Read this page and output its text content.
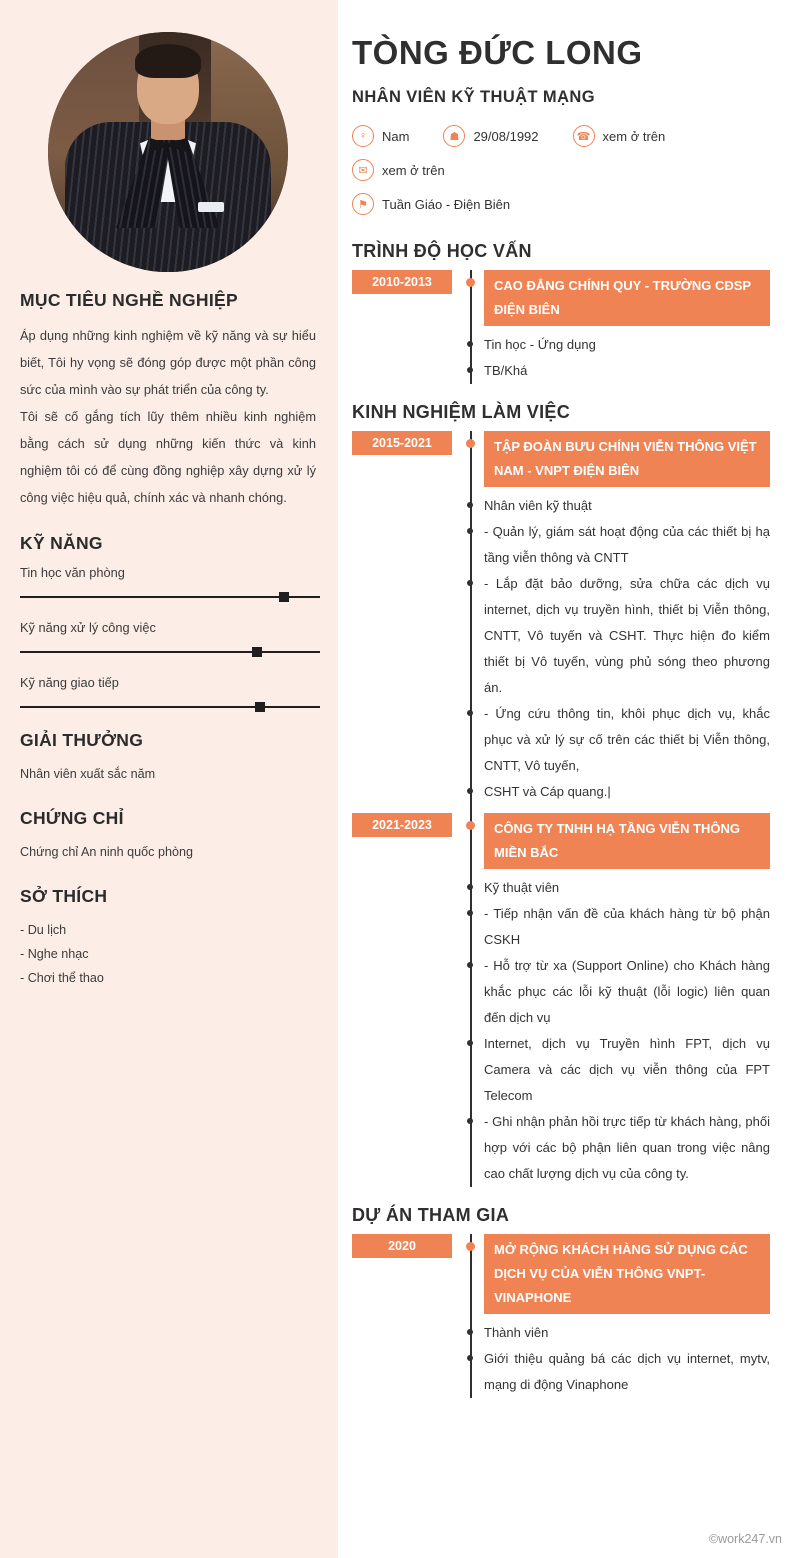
MỤC TIÊU NGHỀ NGHIỆP

Áp dụng những kinh nghiệm về kỹ năng và sự hiểu biết, Tôi hy vọng sẽ đóng góp được một phần công sức của mình vào sự phát triển của công ty.

Tôi sẽ cố gắng tích lũy thêm nhiều kinh nghiệm bằng cách sử dụng những kiến thức và kinh nghiệm tôi có để cùng đồng nghiệp xây dựng xử lý công việc hiệu quả, chính xác và nhanh chóng.

KỸ NĂNG
Tin học văn phòng
Kỹ năng xử lý công việc
Kỹ năng giao tiếp
GIẢI THƯỞNG
Nhân viên xuất sắc năm
CHỨNG CHỈ
Chứng chỉ An ninh quốc phòng
SỞ THÍCH
- Du lịch
- Nghe nhạc
- Chơi thể thao
TÒNG ĐỨC LONG
NHÂN VIÊN KỸ THUẬT MẠNG
♀	Nam	☗	29/08/1992	☎ xem ở trên
✉	xem ở trên
⚑	Tuần Giáo - Điện Biên
TRÌNH ĐỘ HỌC VẤN
2010-2013	CAO ĐẲNG CHÍNH QUY - TRƯỜNG CĐSP ĐIỆN BIÊN
Tin học - Ứng dụng
TB/Khá
KINH NGHIỆM LÀM VIỆC
2015-2021	TẬP ĐOÀN BƯU CHÍNH VIỄN THÔNG VIỆT NAM - VNPT ĐIỆN BIÊN
Nhân viên kỹ thuật
- Quản lý, giám sát hoạt động của các thiết bị hạ tầng viễn thông và CNTT
- Lắp đặt bảo dưỡng, sửa chữa các dịch vụ internet, dịch vụ truyền hình, thiết bị Viễn thông, CNTT, Vô tuyến và CSHT. Thực hiện đo kiểm thiết bị Vô tuyến, vùng phủ sóng theo phương án.
- Ứng cứu thông tin, khôi phục dịch vụ, khắc phục và xử lý sự cố trên các thiết bị Viễn thông, CNTT, Vô tuyến,
CSHT và Cáp quang.|
2021-2023	CÔNG TY TNHH HẠ TẦNG VIỄN THÔNG MIỀN BẮC
Kỹ thuật viên
- Tiếp nhận vấn đề của khách hàng từ bộ phận CSKH
- Hỗ trợ từ xa (Support Online) cho Khách hàng khắc phục các lỗi kỹ thuật (lỗi logic) liên quan đến dịch vụ
Internet, dịch vụ Truyền hình FPT, dịch vụ Camera và các dịch vụ viễn thông của FPT Telecom
- Ghi nhận phản hồi trực tiếp từ khách hàng, phối hợp với các bộ phận liên quan trong việc nâng cao chất lượng dịch vụ của công ty.
DỰ ÁN THAM GIA
2020	MỞ RỘNG KHÁCH HÀNG SỬ DỤNG CÁC DỊCH VỤ CỦA VIỄN THÔNG VNPT-VINAPHONE
Thành viên
Giới thiệu quảng bá các dịch vụ internet, mytv, mạng di động Vinaphone
©work247.vn
